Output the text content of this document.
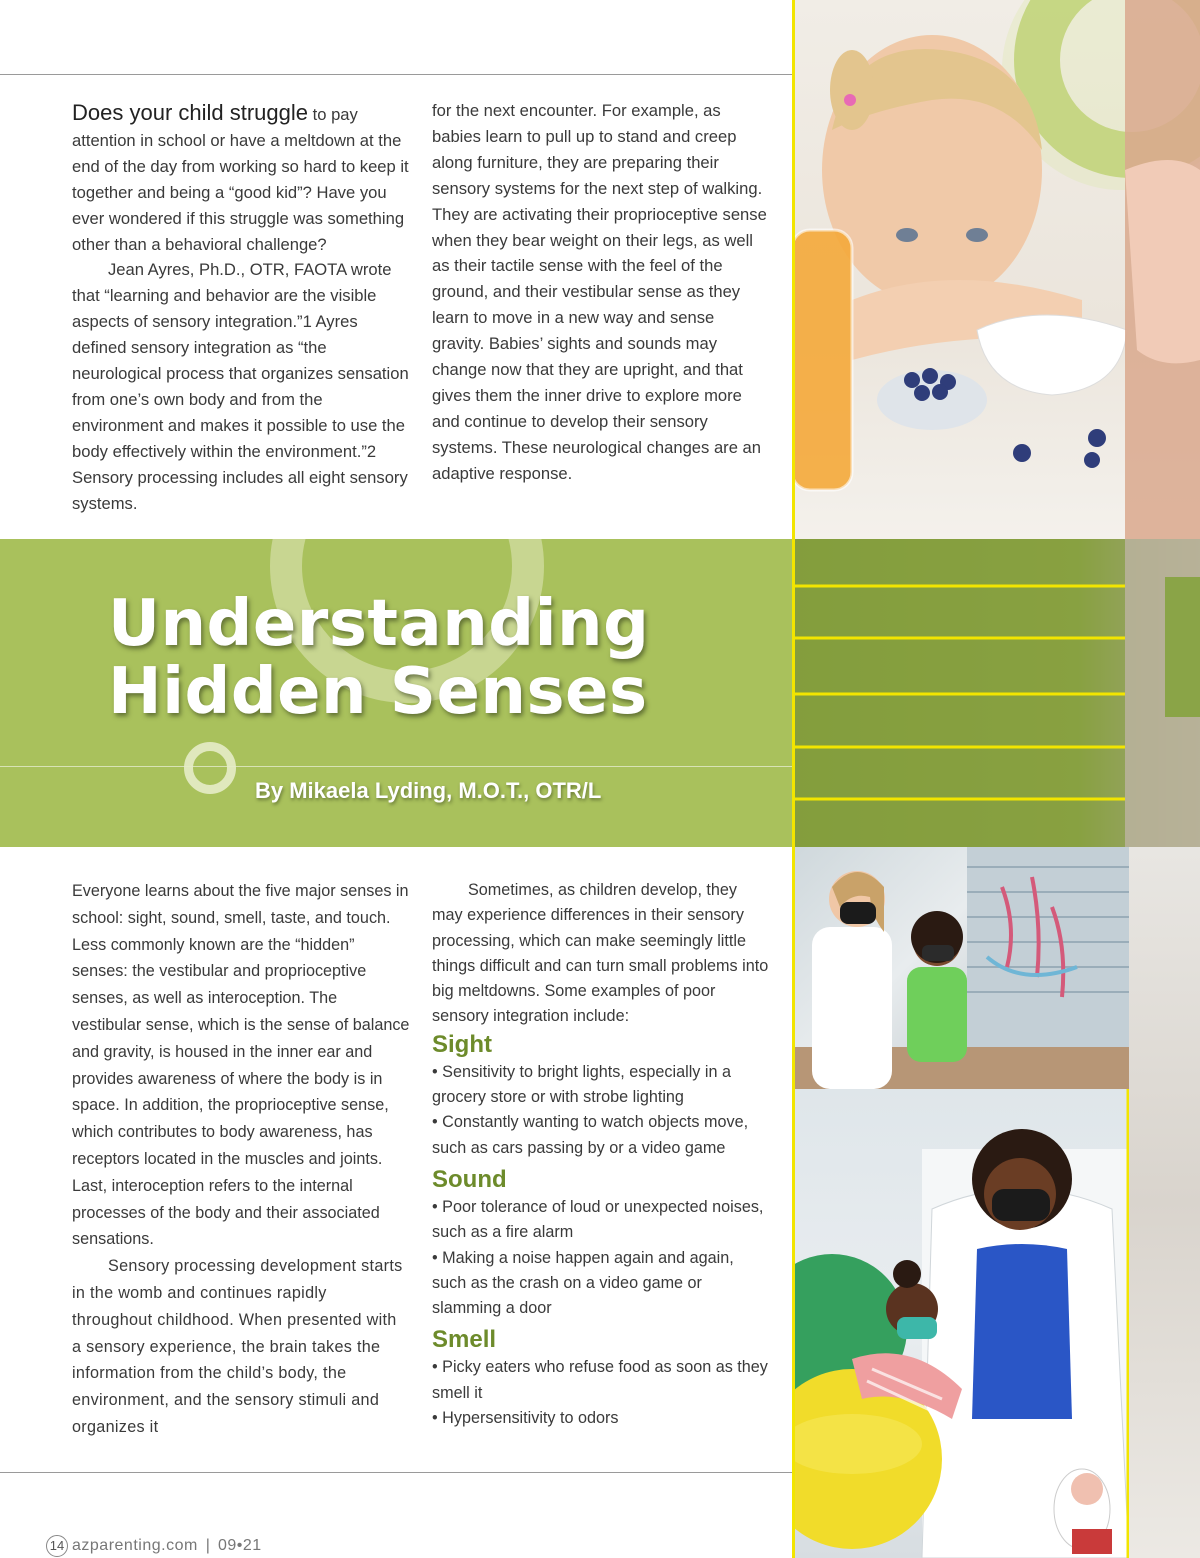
Does your child struggle to pay attention in school or have a meltdown at the end of the day from working so hard to keep it together and being a “good kid”? Have you ever wondered if this struggle was something other than a behavioral challenge?

Jean Ayres, Ph.D., OTR, FAOTA wrote that “learning and behavior are the visible aspects of sensory integration.”1 Ayres defined sensory integration as “the neurological process that organizes sensation from one’s own body and from the environment and makes it possible to use the body effectively within the environment.”2 Sensory processing includes all eight sensory systems.

for the next encounter. For example, as babies learn to pull up to stand and creep along furniture, they are preparing their sensory systems for the next step of walking. They are activating their proprioceptive sense when they bear weight on their legs, as well as their tactile sense with the feel of the ground, and their vestibular sense as they learn to move in a new way and sense gravity. Babies’ sights and sounds may change now that they are upright, and that gives them the inner drive to explore more and continue to develop their sensory systems. These neurological changes are an adaptive response.

Understanding
Hidden Senses
By Mikaela Lyding, M.O.T., OTR/L

Everyone learns about the five major senses in school: sight, sound, smell, taste, and touch. Less commonly known are the “hidden” senses: the vestibular and proprioceptive senses, as well as interoception. The vestibular sense, which is the sense of balance and gravity, is housed in the inner ear and provides awareness of where the body is in space. In addition, the proprioceptive sense, which contributes to body awareness, has receptors located in the muscles and joints. Last, interoception refers to the internal processes of the body and their associated sensations.

Sensory processing development starts in the womb and continues rapidly throughout childhood. When presented with a sensory experience, the brain takes the information from the child’s body, the environment, and the sensory stimuli and organizes it

Sometimes, as children develop, they may experience differences in their sensory processing, which can make seemingly little things difficult and can turn small problems into big meltdowns. Some examples of poor sensory integration include:

Sight

• Sensitivity to bright lights, especially in a grocery store or with strobe lighting

• Constantly wanting to watch objects move, such as cars passing by or a video game

Sound

• Poor tolerance of loud or unexpected noises, such as a fire alarm

• Making a noise happen again and again, such as the crash on a video game or slamming a door

Smell

• Picky eaters who refuse food as soon as they smell it

• Hypersensitivity to odors

14 azparenting.com | 09•21
